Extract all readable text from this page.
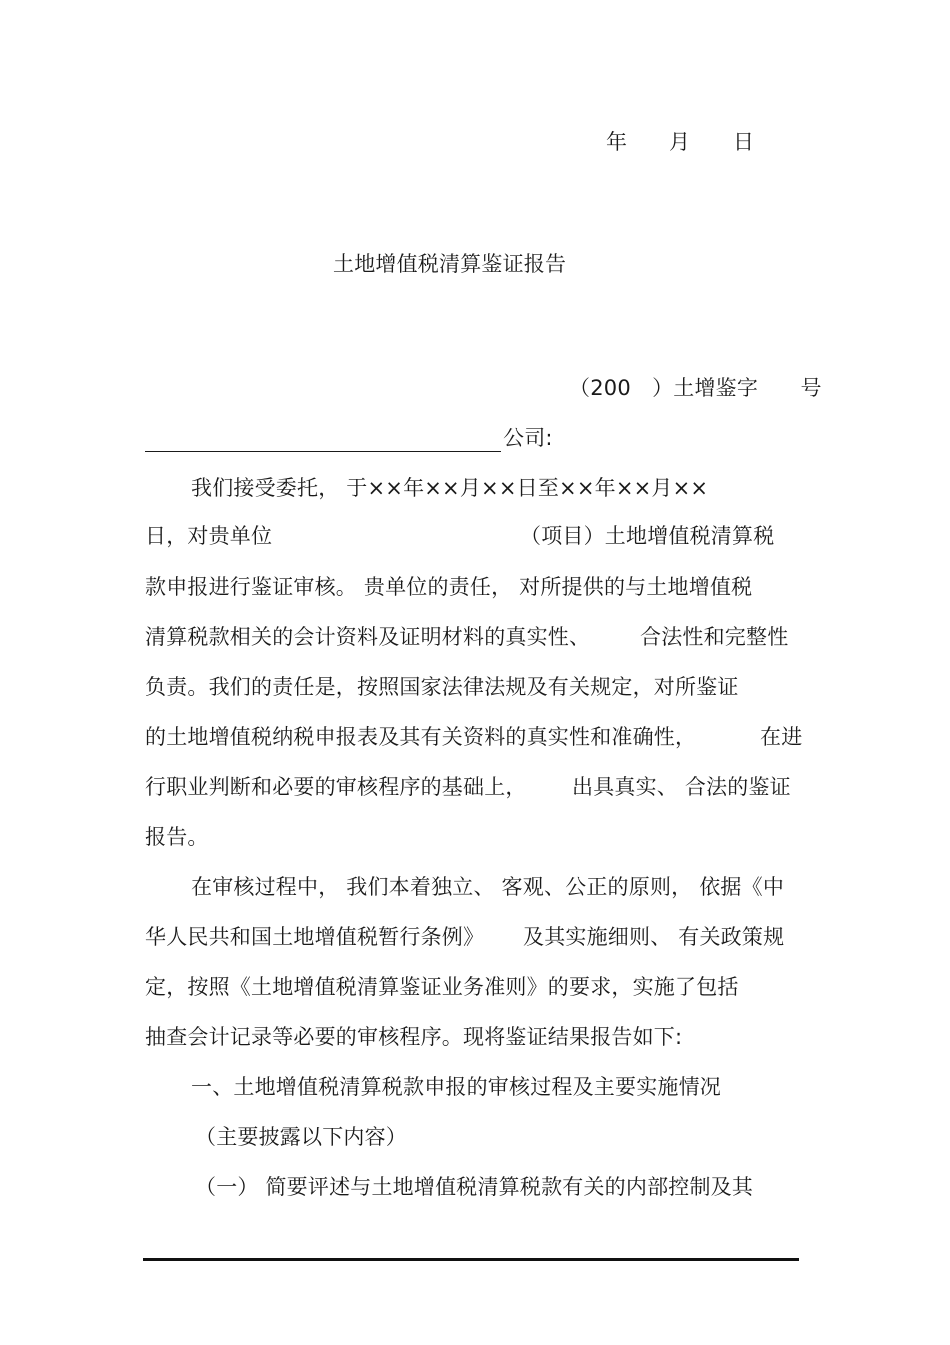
年 月 日
土地增值税清算鉴证报告
（200　）土增鉴字　　号
公司:
我们接受委托， 于××年××月××日至××年××月××
日，对贵单位	（项目）土地增值税清算税
款申报进行鉴证审核。 贵单位的责任， 对所提供的与土地增值税
清算税款相关的会计资料及证明材料的真实性、 合法性和完整性
负责。我们的责任是，按照国家法律法规及有关规定，对所鉴证
的土地增值税纳税申报表及其有关资料的真实性和准确性，	在进
行职业判断和必要的审核程序的基础上， 出具真实、 合法的鉴证
报告。
在审核过程中， 我们本着独立、 客观、公正的原则， 依据《中
华人民共和国土地增值税暂行条例》 及其实施细则、 有关政策规
定，按照《土地增值税清算鉴证业务准则》的要求，实施了包括
抽查会计记录等必要的审核程序。现将鉴证结果报告如下:
一、土地增值税清算税款申报的审核过程及主要实施情况
（主要披露以下内容）
（一） 简要评述与土地增值税清算税款有关的内部控制及其
